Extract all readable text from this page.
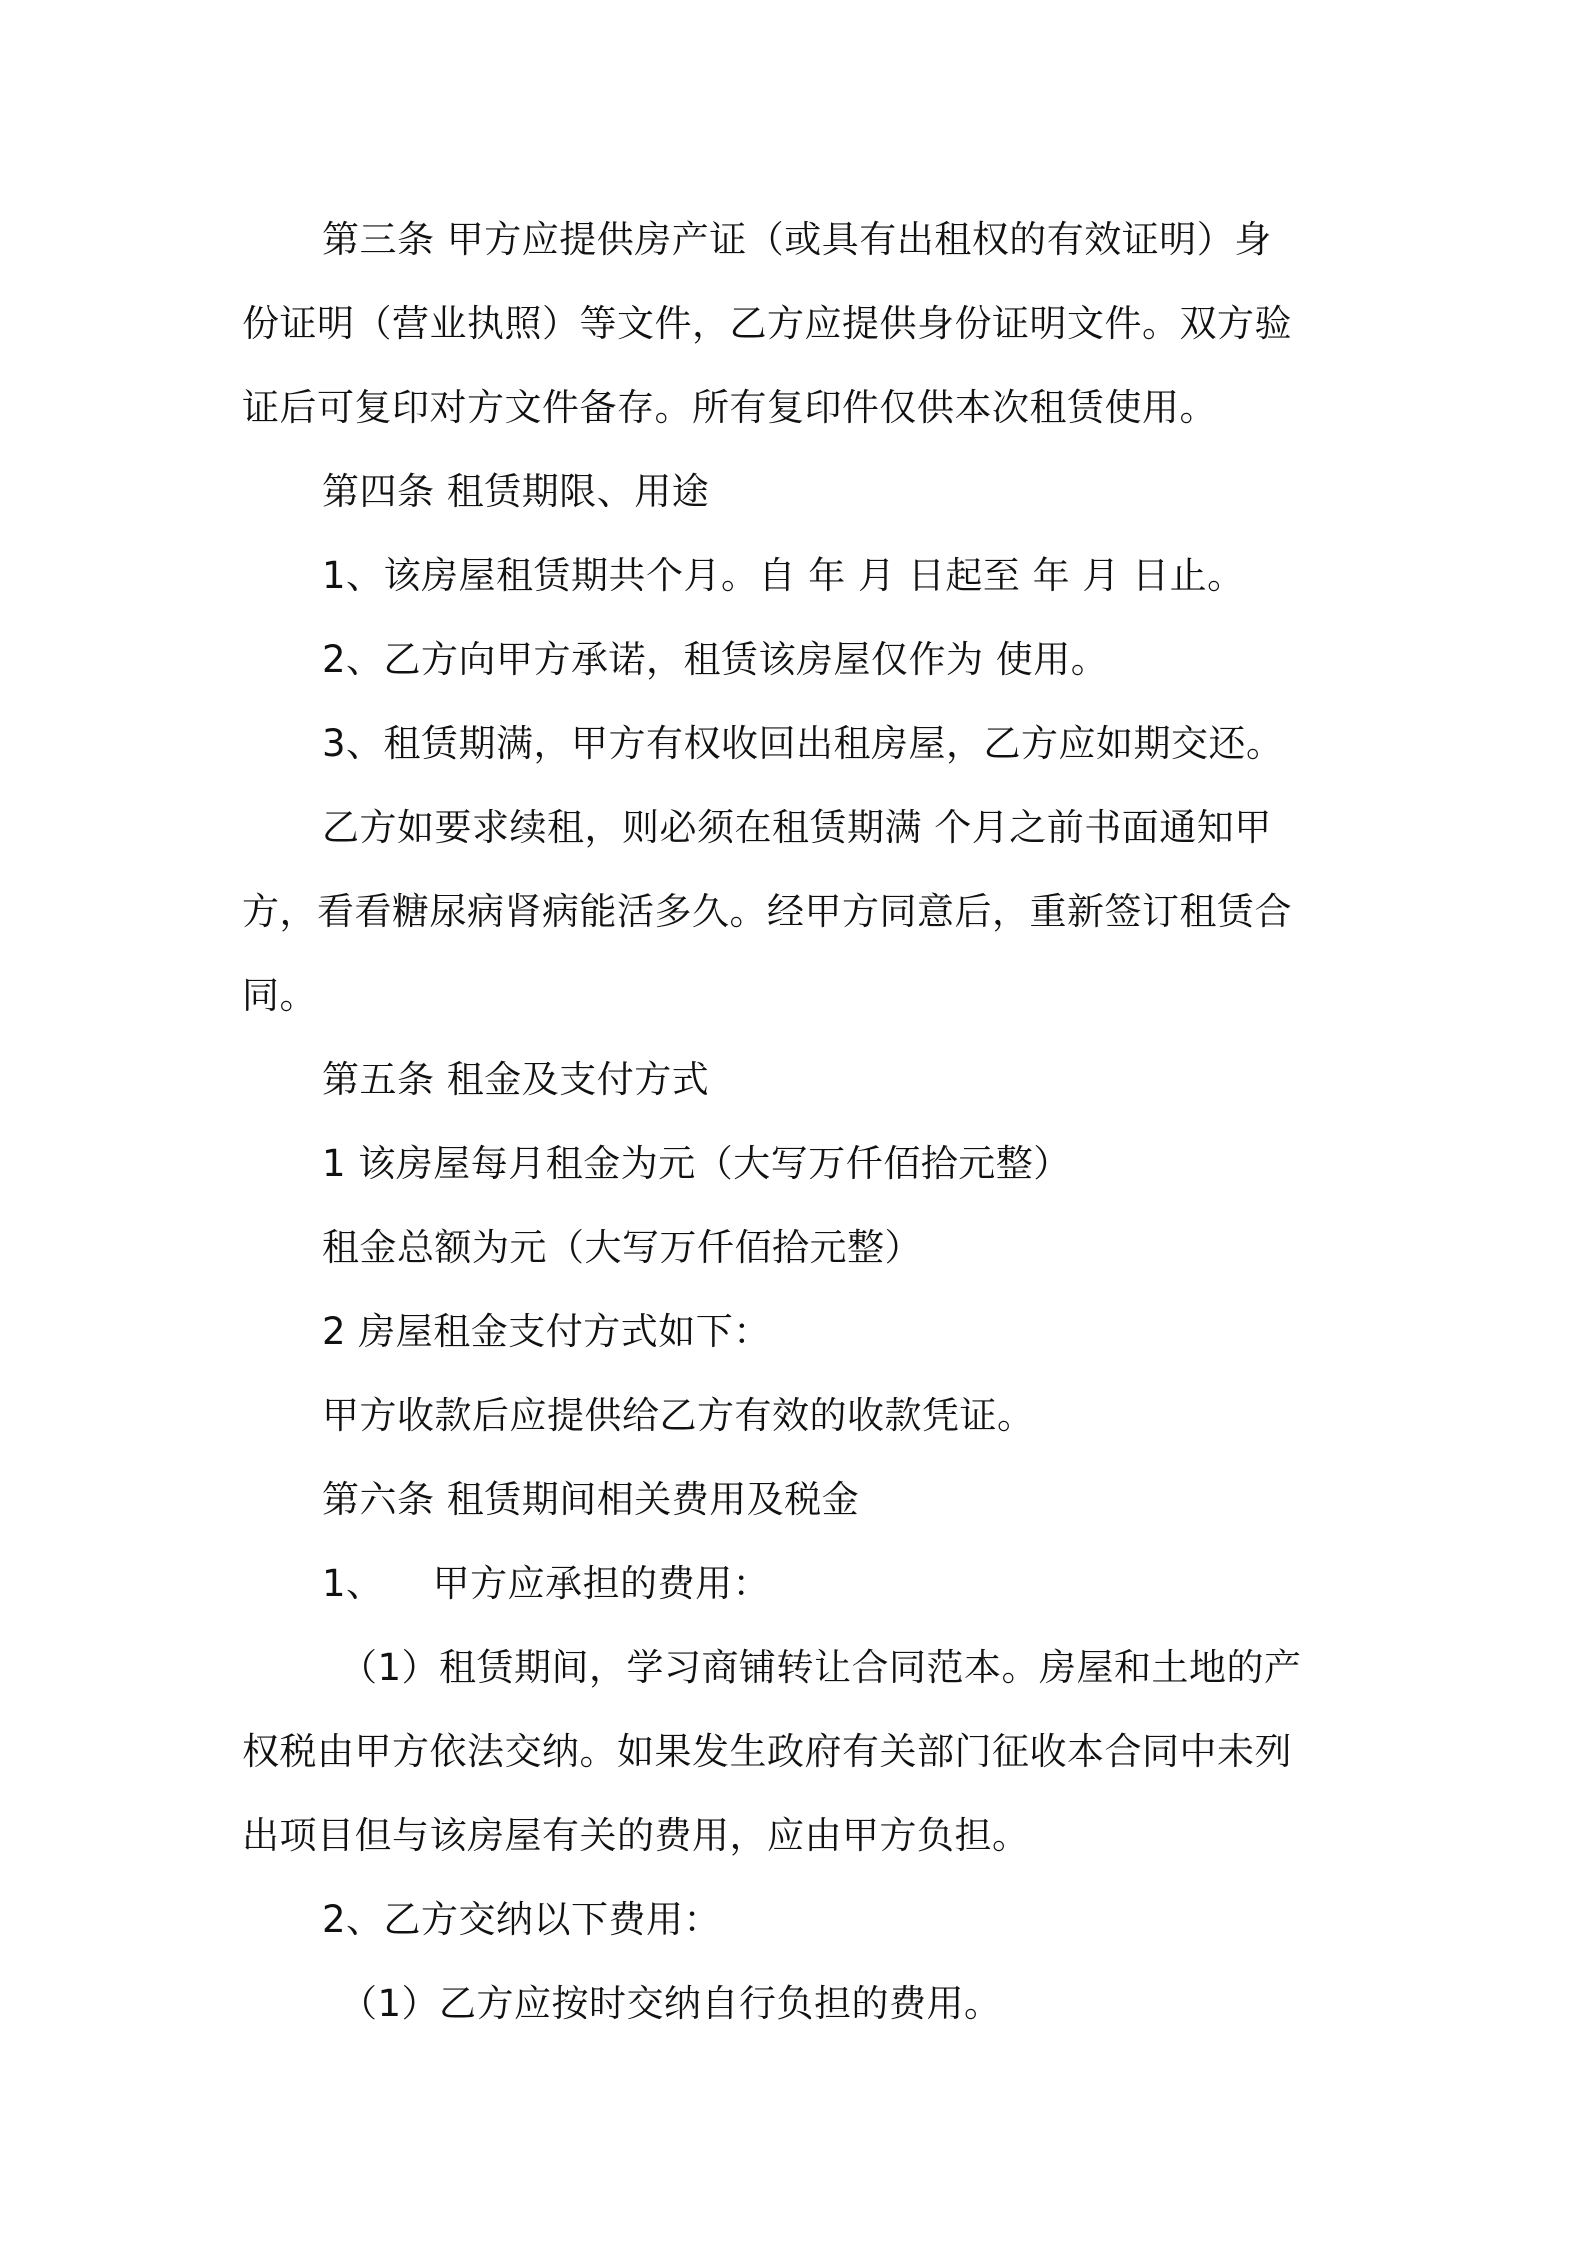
第三条 甲方应提供房产证（或具有出租权的有效证明）身

份证明（营业执照）等文件，乙方应提供身份证明文件。双方验

证后可复印对方文件备存。所有复印件仅供本次租赁使用。

第四条 租赁期限、用途

1、该房屋租赁期共个月。自 年 月 日起至 年 月 日止。

2、乙方向甲方承诺，租赁该房屋仅作为 使用。

3、租赁期满，甲方有权收回出租房屋，乙方应如期交还。

乙方如要求续租，则必须在租赁期满 个月之前书面通知甲

方，看看糖尿病肾病能活多久。经甲方同意后，重新签订租赁合

同。

第五条 租金及支付方式

1 该房屋每月租金为元（大写万仟佰拾元整）

租金总额为元（大写万仟佰拾元整）

2 房屋租金支付方式如下：

甲方收款后应提供给乙方有效的收款凭证。

第六条 租赁期间相关费用及税金

1、    甲方应承担的费用：

（1）租赁期间，学习商铺转让合同范本。房屋和土地的产

权税由甲方依法交纳。如果发生政府有关部门征收本合同中未列

出项目但与该房屋有关的费用，应由甲方负担。

2、乙方交纳以下费用：

（1）乙方应按时交纳自行负担的费用。
